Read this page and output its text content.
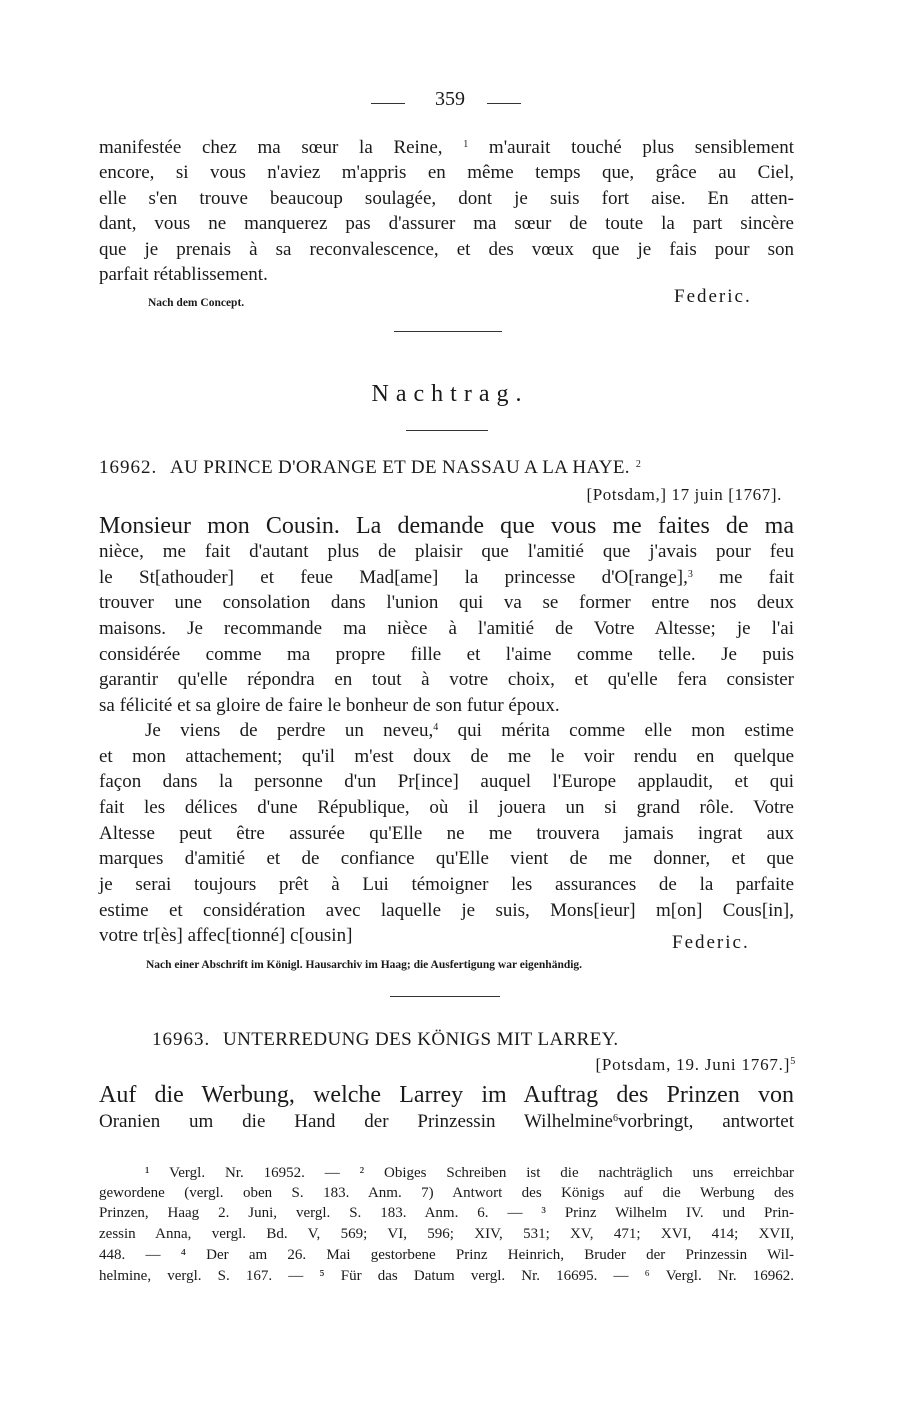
359
manifestée chez ma sœur la Reine, $^1$ m'aurait touché plus sensiblement
encore, si vous n'aviez m'appris en même temps que, grâce au Ciel,
elle s'en trouve beaucoup soulagée, dont je suis fort aise. En atten-
dant, vous ne manquerez pas d'assurer ma sœur de toute la part sincère
que je prenais à sa reconvalescence, et des vœux que je fais pour son
parfait rétablissement.
Nach dem Concept.	Federic.
Nachtrag.
16962. AU PRINCE D'ORANGE ET DE NASSAU A LA HAYE. $^2$
[Potsdam,] 17 juin [1767].
Monsieur mon Cousin. La demande que vous me faites de ma
nièce, me fait d'autant plus de plaisir que l'amitié que j'avais pour feu
le St[athouder] et feue Mad[ame] la princesse d'O[range],$^3$ me fait
trouver une consolation dans l'union qui va se former entre nos deux
maisons. Je recommande ma nièce à l'amitié de Votre Altesse; je l'ai
considérée comme ma propre fille et l'aime comme telle. Je puis
garantir qu'elle répondra en tout à votre choix, et qu'elle fera consister
sa félicité et sa gloire de faire le bonheur de son futur époux.
Je viens de perdre un neveu,$^4$ qui mérita comme elle mon estime
et mon attachement; qu'il m'est doux de me le voir rendu en quelque
façon dans la personne d'un Pr[ince] auquel l'Europe applaudit, et qui
fait les délices d'une République, où il jouera un si grand rôle. Votre
Altesse peut être assurée qu'Elle ne me trouvera jamais ingrat aux
marques d'amitié et de confiance qu'Elle vient de me donner, et que
je serai toujours prêt à Lui témoigner les assurances de la parfaite
estime et considération avec laquelle je suis, Mons[ieur] m[on] Cous[in],
votre tr[ès] affec[tionné] c[ousin]	Federic.
Nach einer Abschrift im Königl. Hausarchiv im Haag; die Ausfertigung war eigenhändig.
16963. UNTERREDUNG DES KÖNIGS MIT LARREY.
[Potsdam, 19. Juni 1767.]$^5$
Auf die Werbung, welche Larrey im Auftrag des Prinzen von
Oranien um die Hand der Prinzessin Wilhelmine$^6$vorbringt, antwortet
¹ Vergl. Nr. 16952. — ² Obiges Schreiben ist die nachträglich uns erreichbar
gewordene (vergl. oben S. 183. Anm. 7) Antwort des Königs auf die Werbung des
Prinzen, Haag 2. Juni, vergl. S. 183. Anm. 6. — ³ Prinz Wilhelm IV. und Prin-
zessin Anna, vergl. Bd. V, 569; VI, 596; XIV, 531; XV, 471; XVI, 414; XVII,
448. — ⁴ Der am 26. Mai gestorbene Prinz Heinrich, Bruder der Prinzessin Wil-
helmine, vergl. S. 167. — ⁵ Für das Datum vergl. Nr. 16695. — ⁶ Vergl. Nr. 16962.
